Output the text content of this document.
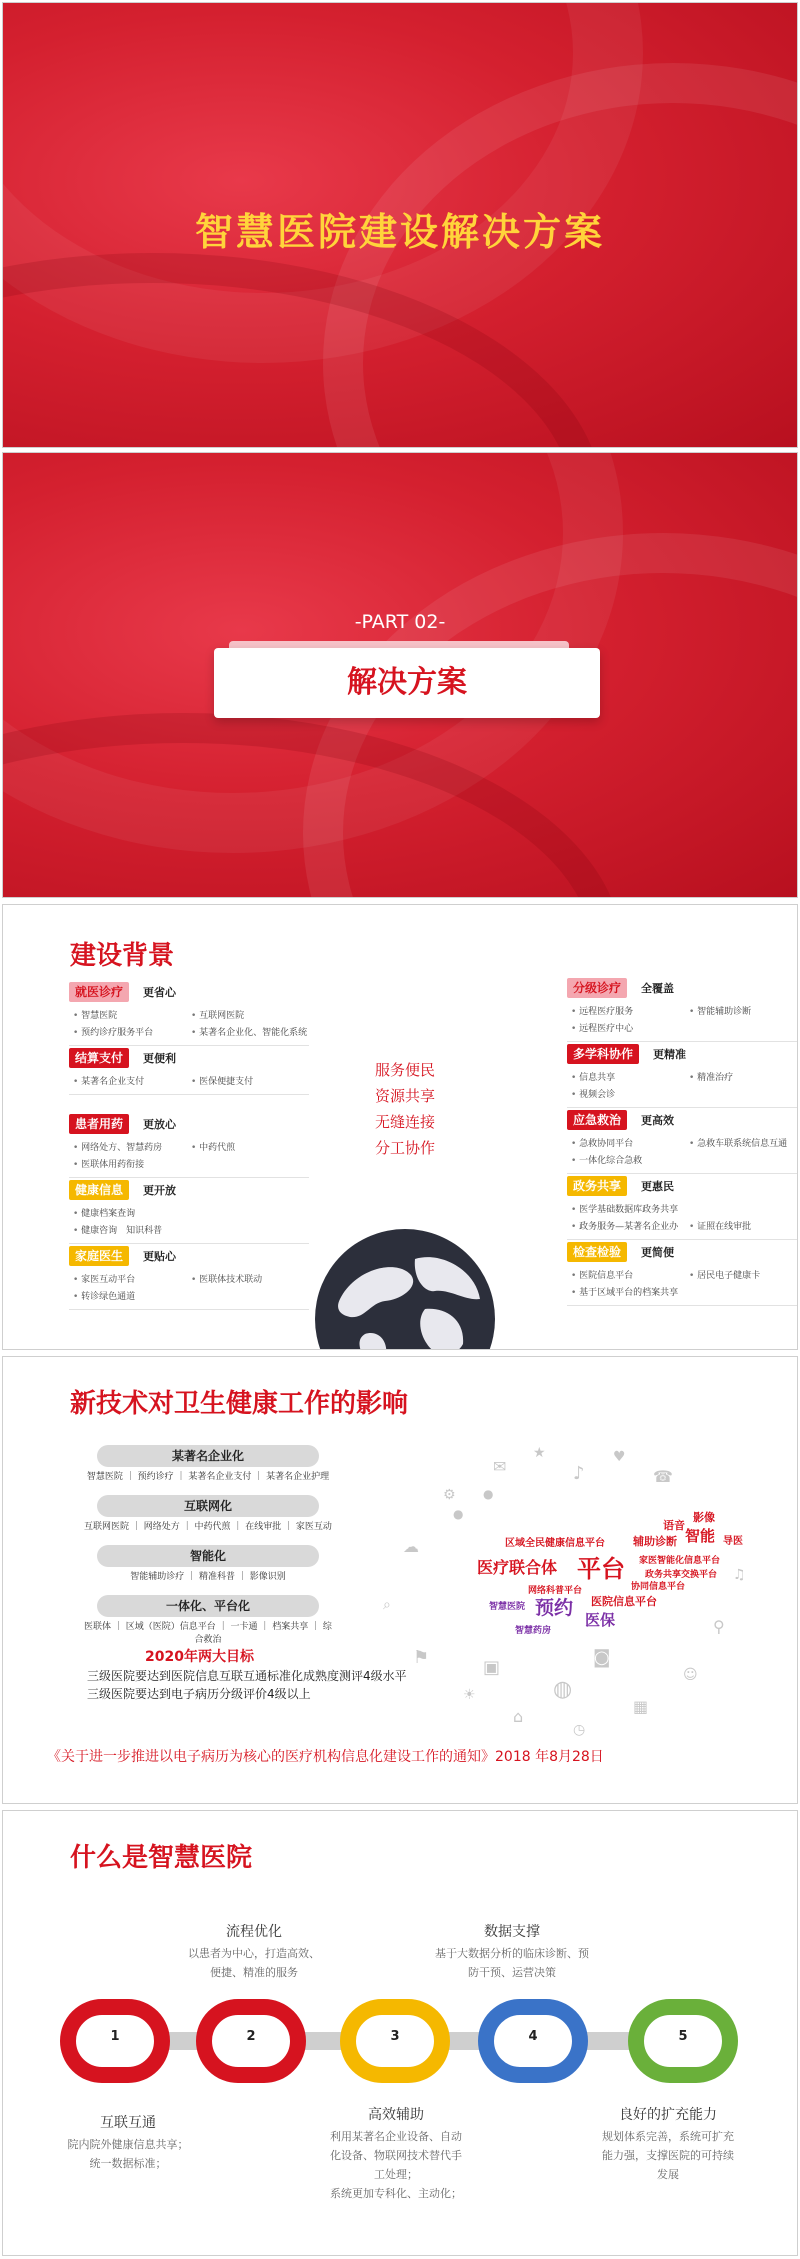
智慧医院建设解决方案
-PART 02-
解决方案
建设背景
就医诊疗	更省心
• 智慧医院	• 互联网医院
• 预约诊疗服务平台	• 某著名企业化、智能化系统
结算支付	更便利
• 某著名企业支付	• 医保便捷支付
患者用药	更放心
• 网络处方、智慧药房	• 中药代煎
• 医联体用药衔接
健康信息	更开放
• 健康档案查询
• 健康咨询　知识科普
家庭医生	更贴心
• 家医互动平台	• 医联体技术联动
• 转诊绿色通道
服务便民
资源共享
无缝连接
分工协作
分级诊疗	全覆盖
• 远程医疗服务	• 智能辅助诊断
• 远程医疗中心
多学科协作	更精准
• 信息共享	• 精准治疗
• 视频会诊
应急救治	更高效
• 急救协同平台	• 急救车联系统信息互通
• 一体化综合急救
政务共享	更惠民
• 医学基础数据库政务共享
• 政务服务—某著名企业办	• 证照在线审批
检查检验	更简便
• 医院信息平台	• 居民电子健康卡
• 基于区域平台的档案共享
新技术对卫生健康工作的影响
某著名企业化
智慧医院 ｜ 预约诊疗 ｜ 某著名企业支付 ｜ 某著名企业护理
互联网化
互联网医院 ｜ 网络处方 ｜ 中药代煎 ｜ 在线审批 ｜ 家医互动
智能化
智能辅助诊疗 ｜ 精准科普 ｜ 影像识别
一体化、平台化
医联体 ｜ 区域（医院）信息平台 ｜ 一卡通 ｜ 档案共享 ｜ 综合救治
2020年两大目标
三级医院要达到医院信息互联互通标准化成熟度测评4级水平
三级医院要达到电子病历分级评价4级以上
《关于进一步推进以电子病历为核心的医疗机构信息化建设工作的通知》2018 年8月28日
✉
★
♪
♥
☎
⚙
☁
⌕
⚑
☀
⌂
◷
▦
☺
⚲
♫
◍
◙
▣
●
●
区域全民健康信息平台	辅助诊断
语音
影像
智能 导医
医疗联合体 平台 家医智能化信息平台
政务共享交换平台
网络科普平台	协同信息平台
智慧医院 预约 医院信息平台
医保
智慧药房
什么是智慧医院
流程优化
以患者为中心，打造高效、
便捷、精准的服务
数据支撑
基于大数据分析的临床诊断、预
防干预、运营决策
1	2	3	4	5
互联互通
院内院外健康信息共享；
统一数据标准；
高效辅助
利用某著名企业设备、自动
化设备、物联网技术替代手
工处理；
系统更加专科化、主动化；
良好的扩充能力
规划体系完善，系统可扩充
能力强，支撑医院的可持续
发展
